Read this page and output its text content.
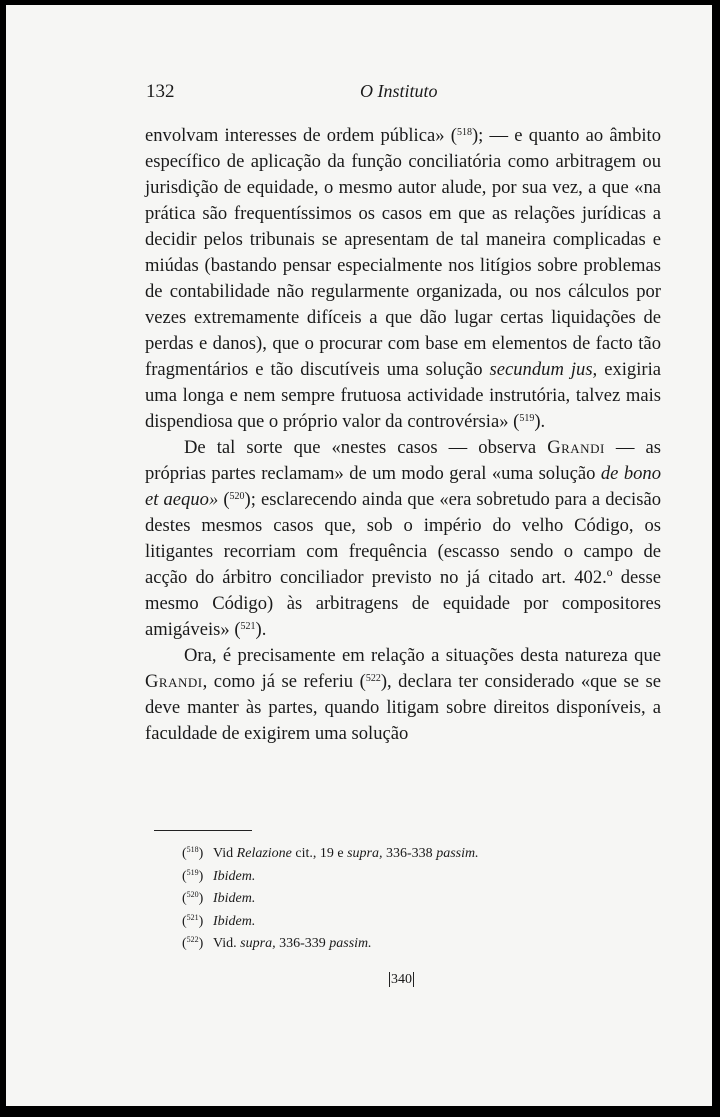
132	O Instituto

envolvam interesses de ordem pública» ($^{518}$); — e quanto ao âmbito específico de aplicação da função conciliatória como arbitragem ou jurisdição de equidade, o mesmo autor alude, por sua vez, a que «na prática são frequentíssimos os casos em que as relações jurídicas a decidir pelos tribunais se apresentam de tal maneira complicadas e miúdas (bastando pensar especialmente nos litígios sobre problemas de contabilidade não regularmente organizada, ou nos cálculos por vezes extremamente difíceis a que dão lugar certas liquidações de perdas e danos), que o procurar com base em elementos de facto tão fragmentários e tão discutíveis uma solução secundum jus, exigiria uma longa e nem sempre frutuosa actividade instrutória, talvez mais dispendiosa que o próprio valor da controvérsia» ($^{519}$).

De tal sorte que «nestes casos — observa Grandi — as próprias partes reclamam» de um modo geral «uma solução de bono et aequo» ($^{520}$); esclarecendo ainda que «era sobretudo para a decisão destes mesmos casos que, sob o império do velho Código, os litigantes recorriam com frequência (escasso sendo o campo de acção do árbitro conciliador previsto no já citado art. 402.º desse mesmo Código) às arbitragens de equidade por compositores amigáveis» ($^{521}$).

Ora, é precisamente em relação a situações desta natureza que Grandi, como já se referiu ($^{522}$), declara ter considerado «que se se deve manter às partes, quando litigam sobre direitos disponíveis, a faculdade de exigirem uma solução

($^{518}$) Vid Relazione cit., 19 e supra, 336-338 passim.
($^{519}$) Ibidem.
($^{520}$) Ibidem.
($^{521}$) Ibidem.
($^{522}$) Vid. supra, 336-339 passim.
340
